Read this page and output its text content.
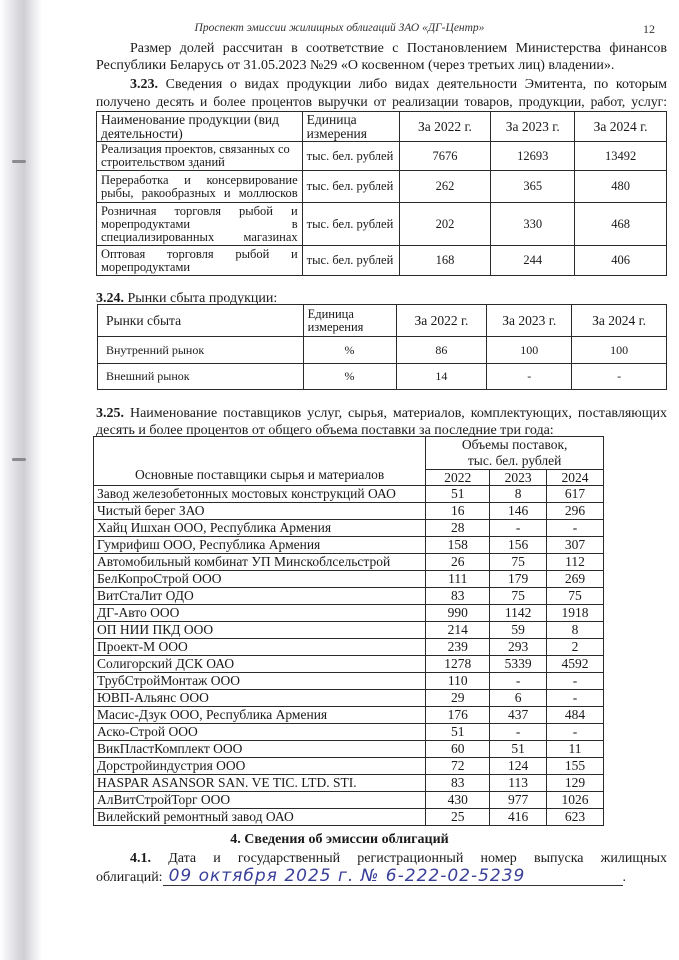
Проспект эмиссии жилищных облигаций ЗАО «ДГ-Центр»	12
Размер долей рассчитан в соответствие с Постановлением Министерства финансов
Республики Беларусь от 31.05.2023 №29 «О косвенном (через третьих лиц) владении».
3.23. Сведения о видах продукции либо видах деятельности Эмитента, по которым
получено десять и более процентов выручки от реализации товаров, продукции, работ, услуг:
Наименование продукции (вид деятельности)	Единица измерения	За 2022 г.	За 2023 г.	За 2024 г.
Реализация проектов, связанных со строительством зданий	тыс. бел. рублей	7676	12693	13492
Переработка и консервирование рыбы, ракообразных и моллюсков	тыс. бел. рублей	262	365	480
Розничная торговля рыбой и морепродуктами в специализированных магазинах	тыс. бел. рублей	202	330	468
Оптовая торговля рыбой и морепродуктами	тыс. бел. рублей	168	244	406
3.24. Рынки сбыта продукции:
Рынки сбыта	Единица измерения	За 2022 г.	За 2023 г.	За 2024 г.
Внутренний рынок	%	86	100	100
Внешний рынок	%	14	-	-
3.25. Наименование поставщиков услуг, сырья, материалов, комплектующих, поставляющих
десять и более процентов от общего объема поставки за последние три года:
Основные поставщики сырья и материалов	Объемы поставок,
тыс. бел. рублей		

	2022	2023	2024
Завод железобетонных мостовых конструкций ОАО	51	8	617
Чистый берег ЗАО	16	146	296
Хайц Ишхан ООО, Республика Армения	28	-	-
Гумрифиш ООО, Республика Армения	158	156	307
Автомобильный комбинат УП Минскоблсельстрой	26	75	112
БелКопроСтрой ООО	111	179	269
ВитСтаЛит ОДО	83	75	75
ДГ-Авто ООО	990	1142	1918
ОП НИИ ПКД ООО	214	59	8
Проект-М ООО	239	293	2
Солигорский ДСК ОАО	1278	5339	4592
ТрубСтройМонтаж ООО	110	-	-
ЮВП-Альянс ООО	29	6	-
Масис-Дзук ООО, Республика Армения	176	437	484
Аско-Строй ООО	51	-	-
ВикПластКомплект ООО	60	51	11
Дорстройиндустрия ООО	72	124	155
HASPAR ASANSOR SAN. VE TIC. LTD. STI.	83	113	129
АлВитСтройТорг ООО	430	977	1026
Вилейский ремонтный завод ОАО	25	416	623
4. Сведения об эмиссии облигаций
4.1. Дата и государственный регистрационный номер выпуска жилищных
облигаций: 09 октября 2025 г. № 6-222-02-5239	.
